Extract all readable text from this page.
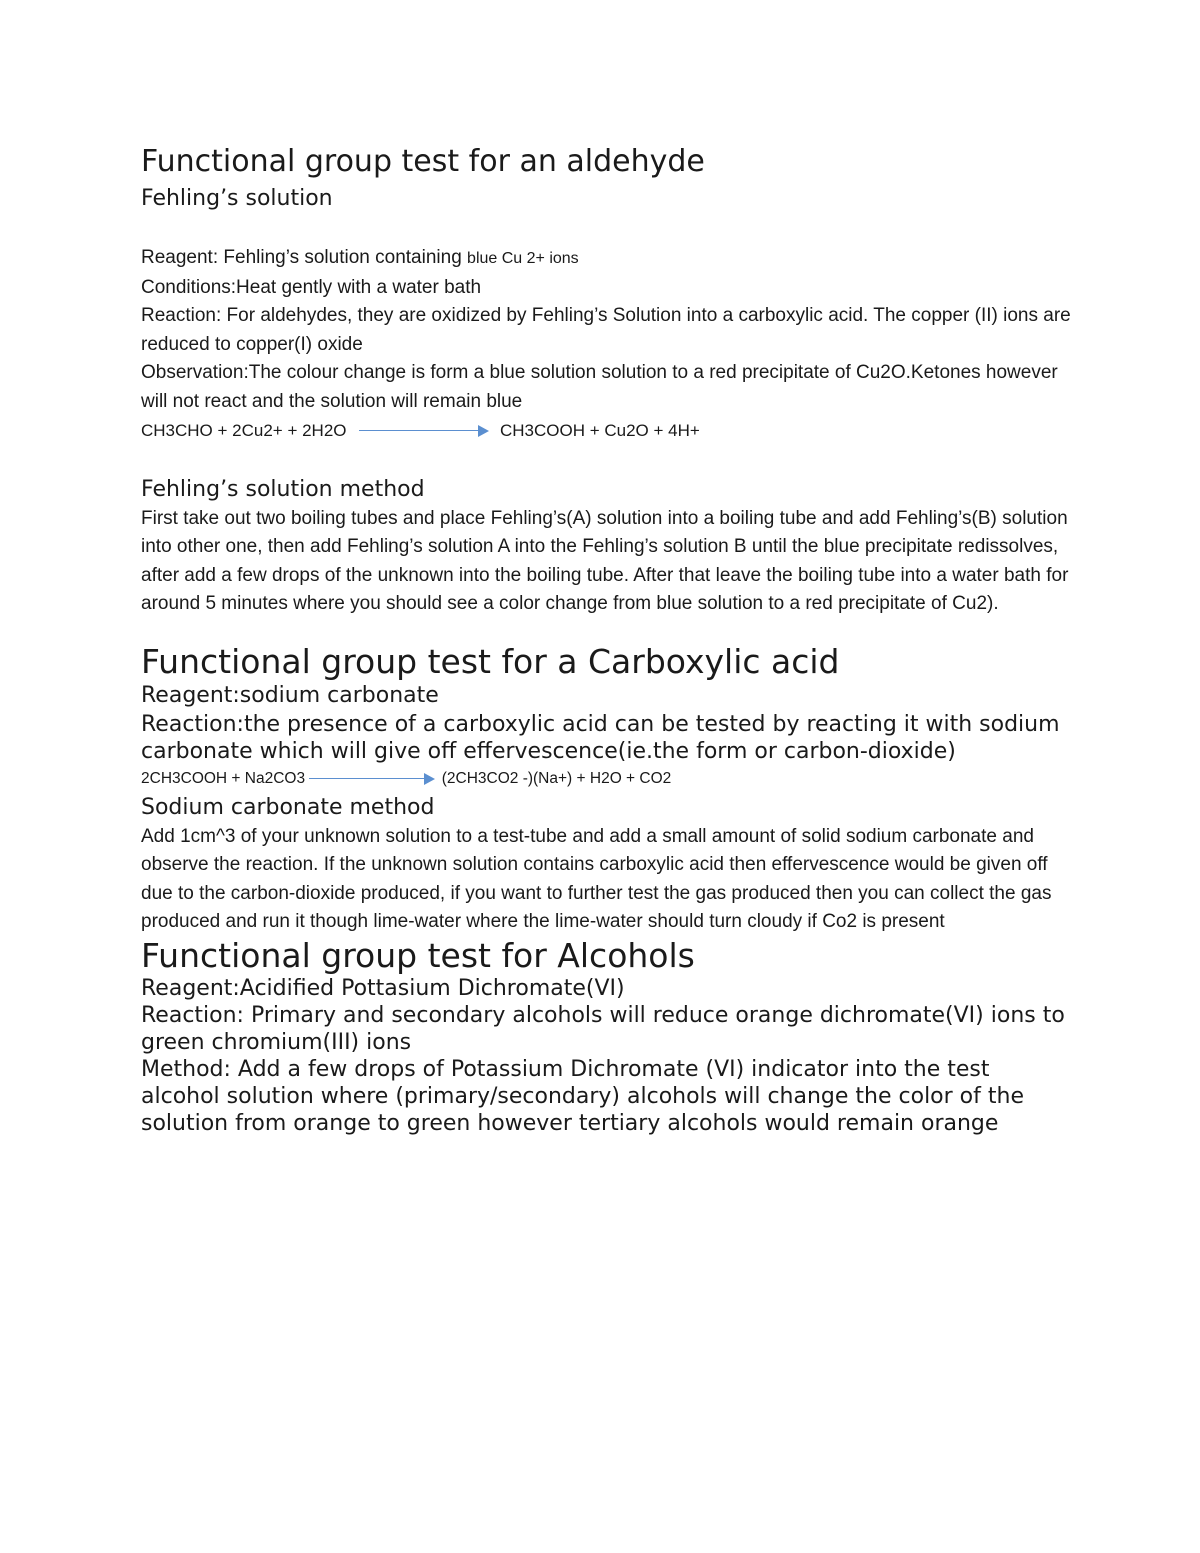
Functional group test for an aldehyde
Fehling’s solution

Reagent: Fehling’s solution containing blue Cu 2+ ions

Conditions:Heat gently with a water bath

Reaction: For aldehydes, they are oxidized by Fehling’s Solution into a carboxylic acid. The copper (II) ions are reduced to copper(I) oxide

Observation:The colour change is form a blue solution solution to a red precipitate of Cu2O.Ketones however will not react and the solution will remain blue

CH3CHO + 2Cu2+ + 2H2O	CH3COOH + Cu2O + 4H+
Fehling’s solution method

First take out two boiling tubes and place Fehling’s(A) solution into a boiling tube and add Fehling’s(B) solution into other one, then add Fehling’s solution A into the Fehling’s solution B until the blue precipitate redissolves, after add a few drops of the unknown into the boiling tube. After that leave the boiling tube into a water bath for around 5 minutes where you should see a color change from blue solution to a red precipitate of Cu2).

Functional group test for a Carboxylic acid

Reagent:sodium carbonate

Reaction:the presence of a carboxylic acid can be tested by reacting it with sodium carbonate which will give off effervescence(ie.the form or carbon-dioxide)

2CH3COOH + Na2CO3	(2CH3CO2 -)(Na+) + H2O + CO2
Sodium carbonate method

Add 1cm^3 of your unknown solution to a test-tube and add a small amount of solid sodium carbonate and observe the reaction. If the unknown solution contains carboxylic acid then effervescence would be given off due to the carbon-dioxide produced, if you want to further test the gas produced then you can collect the gas produced and run it though lime-water where the lime-water should turn cloudy if Co2 is present

Functional group test for Alcohols

Reagent:Acidified Pottasium Dichromate(VI)

Reaction: Primary and secondary alcohols will reduce orange dichromate(VI) ions to green chromium(III) ions

Method: Add a few drops of Potassium Dichromate (VI) indicator into the test alcohol solution where (primary/secondary) alcohols will change the color of the solution from orange to green however tertiary alcohols would remain orange
